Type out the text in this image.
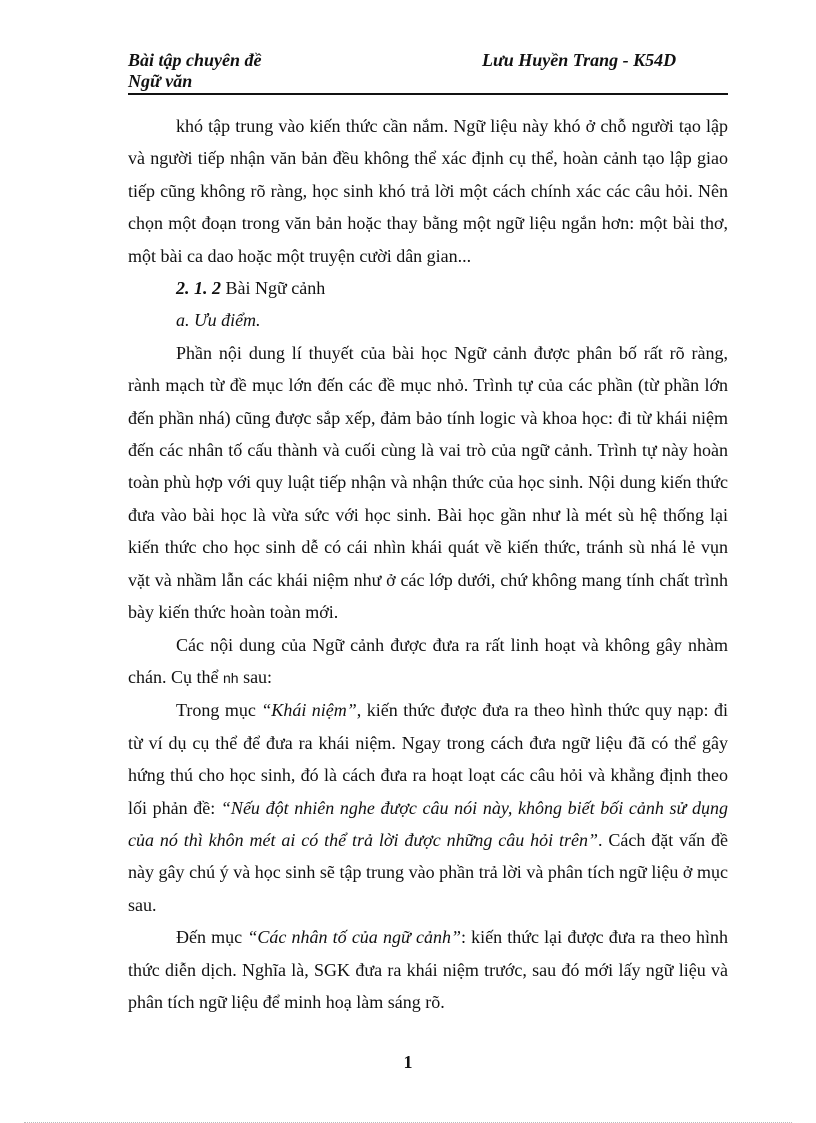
Bài tập chuyên đề
Ngữ văn
Lưu Huyền Trang - K54D

khó tập trung vào kiến thức cần nắm. Ngữ liệu này khó ở chỗ người tạo lập và người tiếp nhận văn bản đều không thể xác định cụ thể, hoàn cảnh tạo lập giao tiếp cũng không rõ ràng, học sinh khó trả lời một cách chính xác các câu hỏi. Nên chọn một đoạn trong văn bản hoặc thay bằng một ngữ liệu ngắn hơn: một bài thơ, một bài ca dao hoặc một truyện cười dân gian...

2. 1. 2 Bài Ngữ cảnh

a. Ưu điểm.

Phần nội dung lí thuyết của bài học Ngữ cảnh được phân bố rất rõ ràng, rành mạch từ đề mục lớn đến các đề mục nhỏ. Trình tự của các phần (từ phần lớn đến phần nhá) cũng được sắp xếp, đảm bảo tính logic và khoa học: đi từ khái niệm đến các nhân tố cấu thành và cuối cùng là vai trò của ngữ cảnh. Trình tự này hoàn toàn phù hợp với quy luật tiếp nhận và nhận thức của học sinh. Nội dung kiến thức đưa vào bài học là vừa sức với học sinh. Bài học gần như là mét sù hệ thống lại kiến thức cho học sinh dễ có cái nhìn khái quát về kiến thức, tránh sù nhá lẻ vụn vặt và nhầm lẫn các khái niệm như ở các lớp dưới, chứ không mang tính chất trình bày kiến thức hoàn toàn mới.

Các nội dung của Ngữ cảnh được đưa ra rất linh hoạt và không gây nhàm chán. Cụ thể nh sau:

Trong mục “Khái niệm”, kiến thức được đưa ra theo hình thức quy nạp: đi từ ví dụ cụ thể để đưa ra khái niệm. Ngay trong cách đưa ngữ liệu đã có thể gây hứng thú cho học sinh, đó là cách đưa ra hoạt loạt các câu hỏi và khẳng định theo lối phản đề: “Nếu đột nhiên nghe được câu nói này, không biết bối cảnh sử dụng của nó thì khôn mét ai có thể trả lời được những câu hỏi trên”. Cách đặt vấn đề này gây chú ý và học sinh sẽ tập trung vào phần trả lời và phân tích ngữ liệu ở mục sau.

Đến mục “Các nhân tố của ngữ cảnh”: kiến thức lại được đưa ra theo hình thức diễn dịch. Nghĩa là, SGK đưa ra khái niệm trước, sau đó mới lấy ngữ liệu và phân tích ngữ liệu để minh hoạ làm sáng rõ.

1
